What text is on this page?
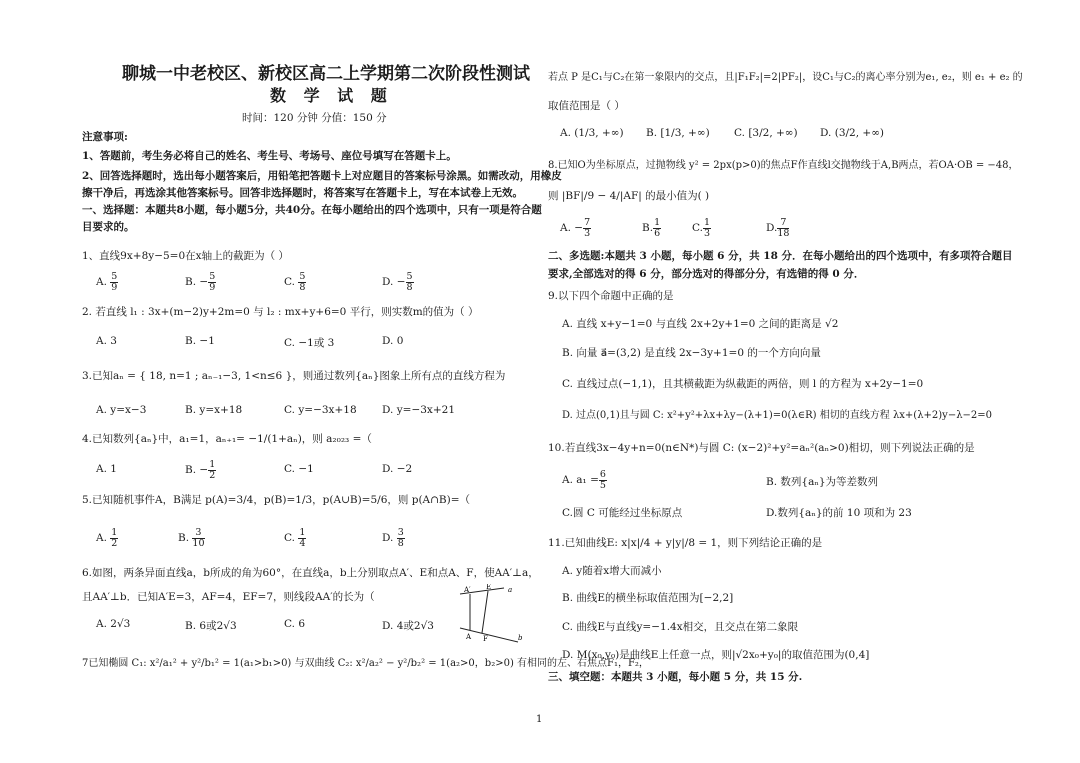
聊城一中老校区、新校区高二上学期第二次阶段性测试
数 学 试 题
时间：120 分钟 分值：150 分
注意事项:
1、答题前，考生务必将自己的姓名、考生号、考场号、座位号填写在答题卡上。
2、回答选择题时，选出每小题答案后，用铅笔把答题卡上对应题目的答案标号涂黑。如需改动，用橡皮
擦干净后，再选涂其他答案标号。回答非选择题时，将答案写在答题卡上，写在本试卷上无效。
一、选择题：本题共8小题，每小题5分，共40分。在每小题给出的四个选项中，只有一项是符合题
目要求的。
1、直线9x+8y−5=0在x轴上的截距为（ ）
A. $\frac{5}{9}$	B. − $\frac{5}{9}$	C. $\frac{5}{8}$	D. − $\frac{5}{8}$
2. 若直线 l₁ : 3x+(m−2)y+2m=0 与 l₂ : mx+y+6=0 平行，则实数m的值为（ ）
A. 3	B. −1	C. −1或 3	D. 0
3.已知aₙ = { 18, n=1 ; aₙ₋₁−3, 1<n≤6 }，则通过数列{aₙ}图象上所有点的直线方程为
A. y=x−3	B. y=x+18	C. y=−3x+18 D. y=−3x+21
4.已知数列{aₙ}中，a₁=1，aₙ₊₁= −1/(1+aₙ)，则 a₂₀₂₃ =（
A. 1	B. − $\frac{1}{2}$	C. −1	D. −2
5.已知随机事件A，B满足 p(A)=3/4，p(B)=1/3，p(A∪B)=5/6，则 p(A∩B)=（
A. $\frac{1}{2}$	B. $\frac{3}{10}$	C. $\frac{1}{4}$	D. $\frac{3}{8}$
6.如图，两条异面直线a，b所成的角为60°，在直线a，b上分别取点A′、E和点A、F，使AA′⊥a，
且AA′⊥b．已知A′E=3，AF=4，EF=7，则线段AA′的长为（
A. 2√3	B. 6或2√3	C. 6	D. 4或2√3
A′ E
A F
a
b
7已知椭圆 C₁: x²/a₁² + y²/b₁² = 1(a₁>b₁>0) 与双曲线 C₂: x²/a₂² − y²/b₂² = 1(a₂>0，b₂>0) 有相同的左、右焦点F₁，F₂，
若点 P 是C₁与C₂在第一象限内的交点，且|F₁F₂|=2|PF₂|，设C₁与C₂的离心率分别为e₁, e₂，则 e₁ + e₂ 的
取值范围是（ ）
A. (1/3, +∞) B. [1/3, +∞) C. [3/2, +∞) D. (3/2, +∞)
8.已知O为坐标原点，过抛物线 y² = 2px(p>0)的焦点F作直线l交抛物线于A,B两点，若OA·OB = −48，
则 |BF|/9 − 4/|AF| 的最小值为( )
A. − $\frac{7}{3}$	B. $\frac{1}{6}$	C. $\frac{1}{3}$	D. $\frac{7}{18}$
二、多选题:本题共 3 小题，每小题 6 分，共 18 分．在每小题给出的四个选项中，有多项符合题目
要求,全部选对的得 6 分，部分选对的得部分分，有选错的得 0 分．
9.以下四个命题中正确的是
A. 直线 x+y−1=0 与直线 2x+2y+1=0 之间的距离是 √2
B. 向量 a⃗=(3,2) 是直线 2x−3y+1=0 的一个方向向量
C. 直线过点(−1,1)，且其横截距为纵截距的两倍，则 l 的方程为 x+2y−1=0
D. 过点(0,1)且与圆 C: x²+y²+λx+λy−(λ+1)=0(λ∈R) 相切的直线方程 λx+(λ+2)y−λ−2=0
10.若直线3x−4y+n=0(n∈N*)与圆 C: (x−2)²+y²=aₙ²(aₙ>0)相切，则下列说法正确的是
A. $a_1 = \frac{6}{5}$	B. 数列{aₙ}为等差数列
C.圆 C 可能经过坐标原点	D.数列{aₙ}的前 10 项和为 23
11.已知曲线E: x|x|/4 + y|y|/8 = 1，则下列结论正确的是
A. y随着x增大而减小
B. 曲线E的横坐标取值范围为[−2,2]
C. 曲线E与直线y=−1.4x相交，且交点在第二象限
D. M(x₀,y₀)是曲线E上任意一点，则|√2x₀+y₀|的取值范围为(0,4]
三、填空题：本题共 3 小题，每小题 5 分，共 15 分.
1
